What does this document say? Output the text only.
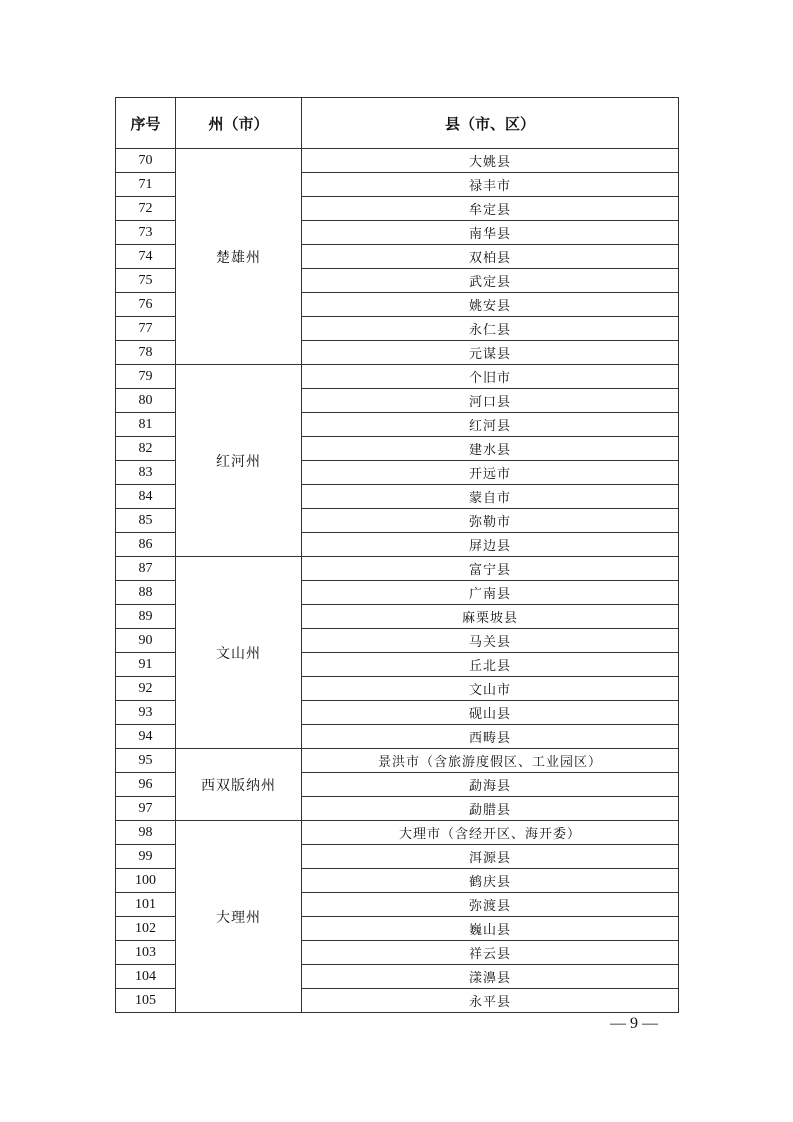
序号	州（市）	县（市、区）
70	楚雄州	大姚县
71		禄丰市
72		牟定县
73		南华县
74		双柏县
75		武定县
76		姚安县
77		永仁县
78		元谋县
79	红河州	个旧市
80		河口县
81		红河县
82		建水县
83		开远市
84		蒙自市
85		弥勒市
86		屏边县
87	文山州	富宁县
88		广南县
89		麻栗坡县
90		马关县
91		丘北县
92		文山市
93		砚山县
94		西畴县
95	西双版纳州	景洪市（含旅游度假区、工业园区）
96		勐海县
97		勐腊县
98	大理州	大理市（含经开区、海开委）
99		洱源县
100		鹤庆县
101		弥渡县
102		巍山县
103		祥云县
104		漾濞县
105		永平县
— 9 —
